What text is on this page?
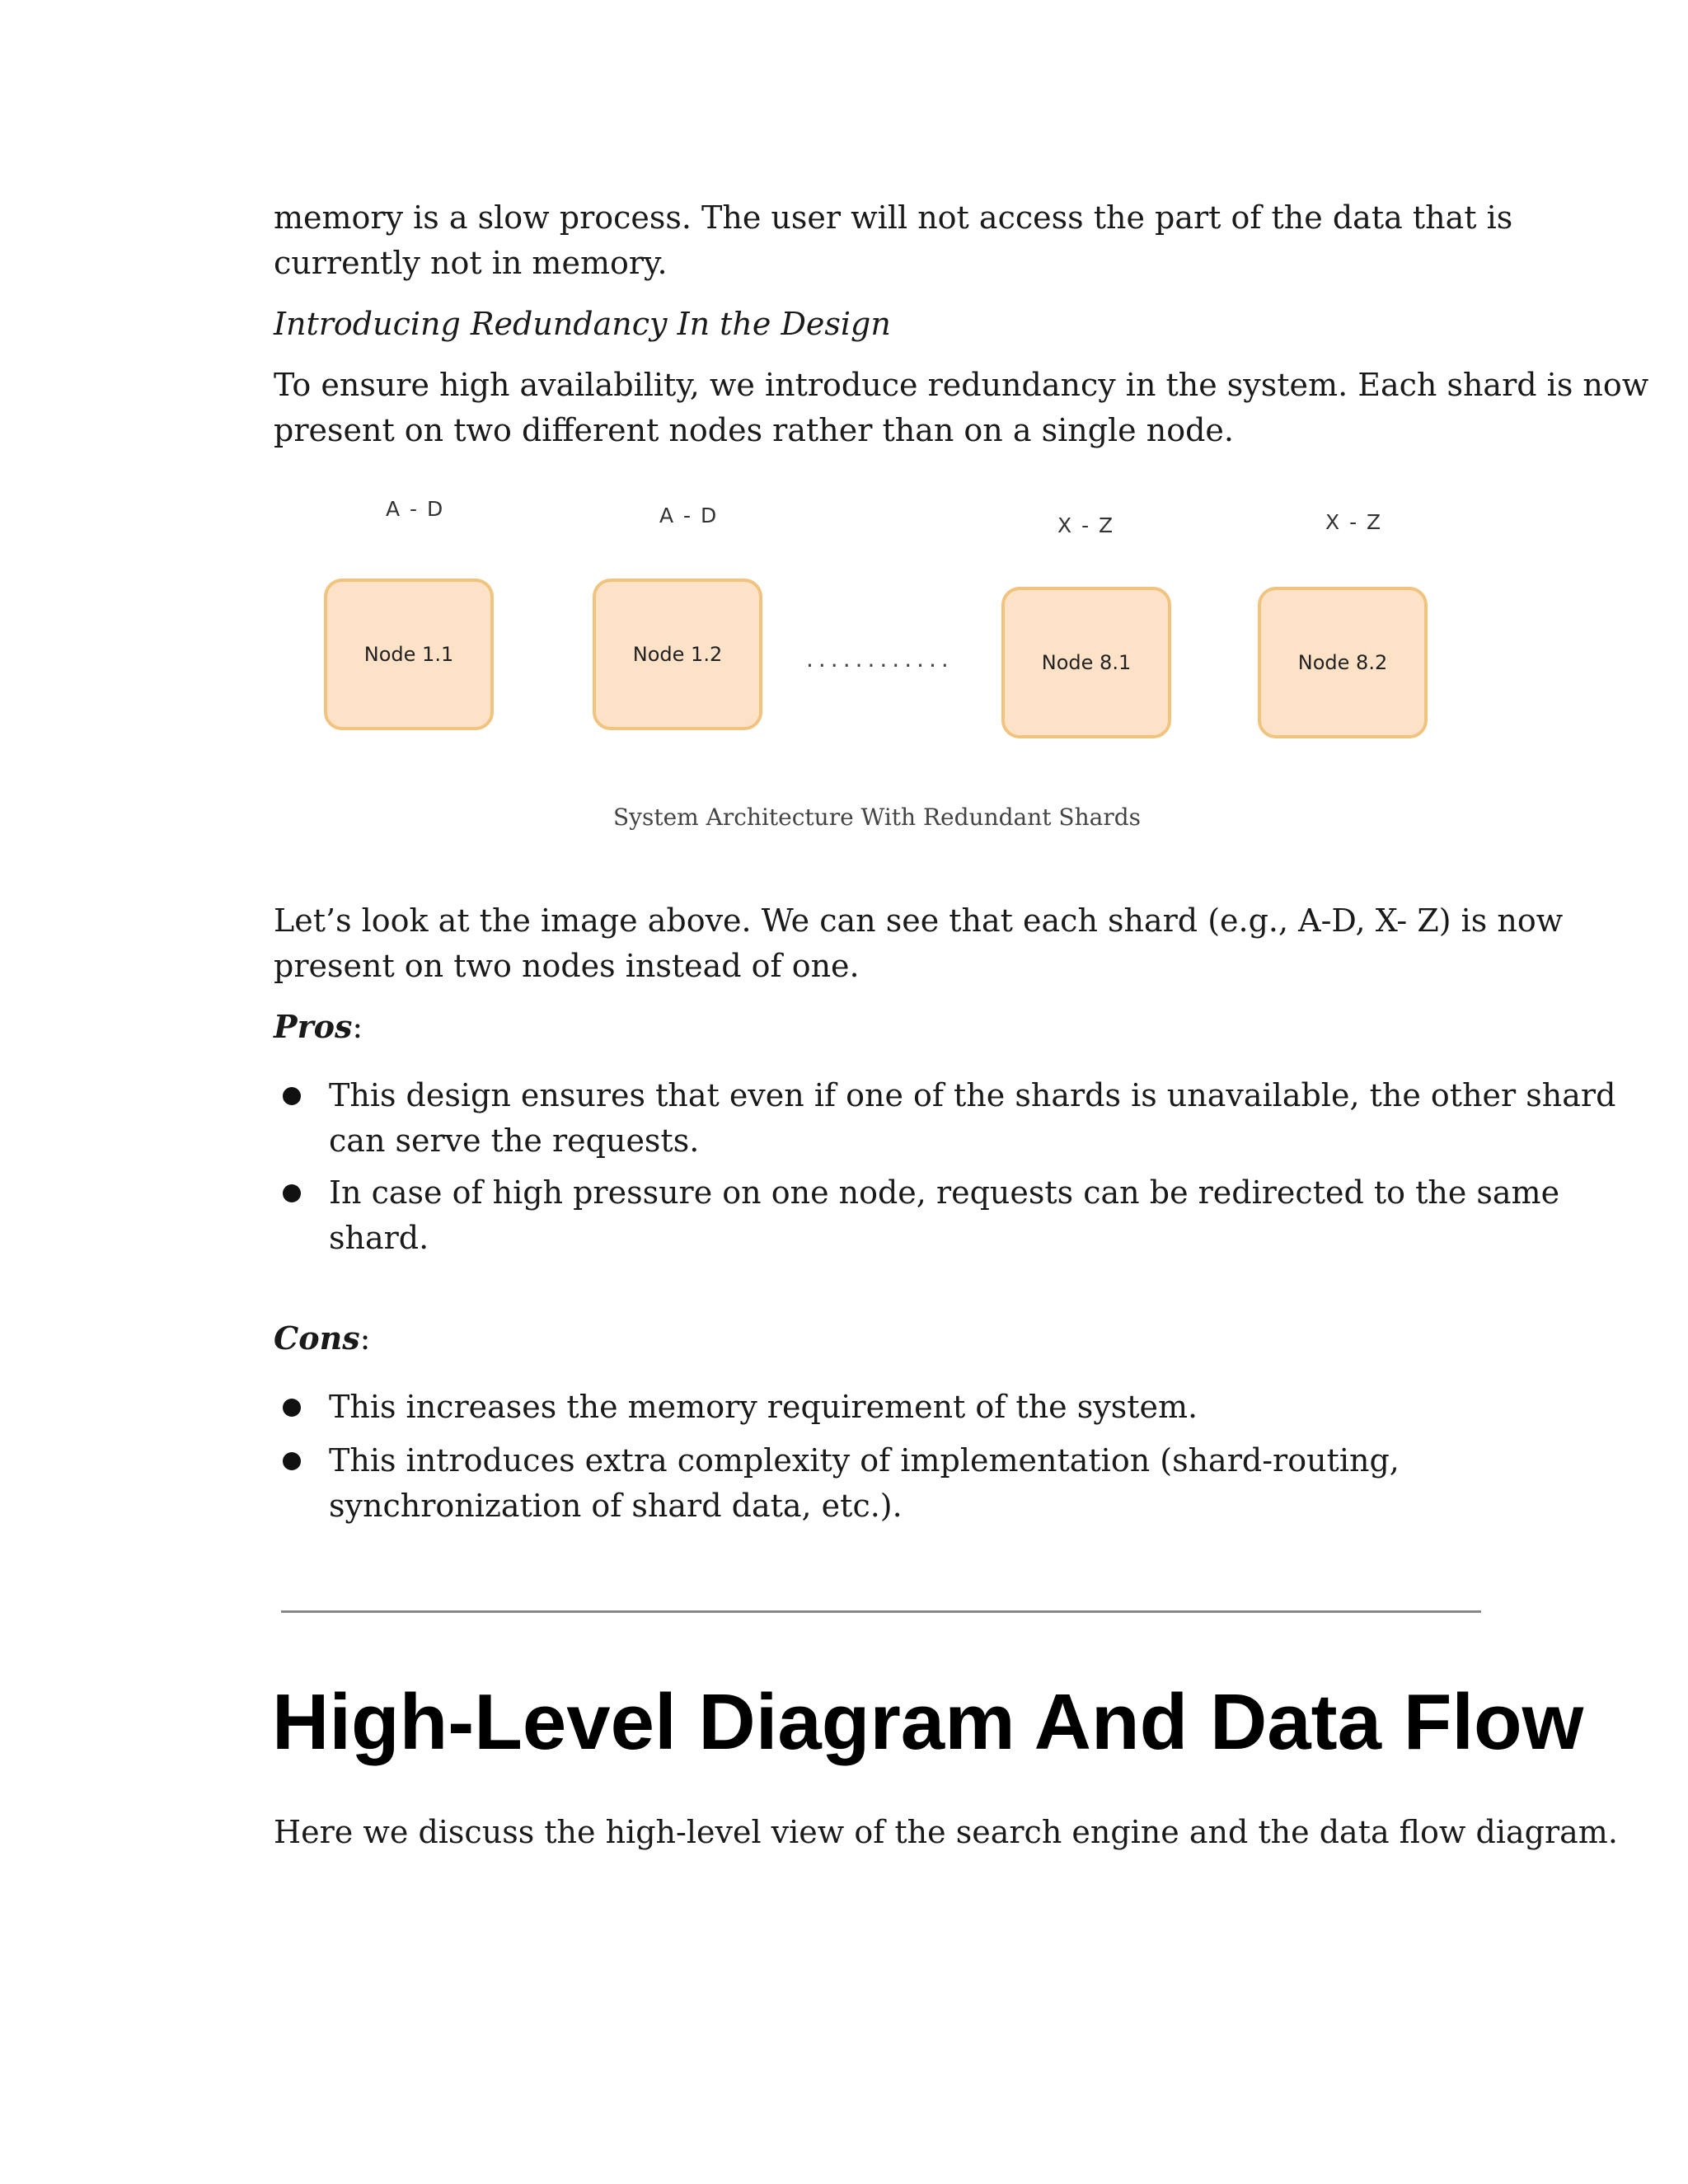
memory is a slow process. The user will not access the part of the data that is

currently not in memory.

Introducing Redundancy In the Design

To ensure high availability, we introduce redundancy in the system. Each shard is now

present on two different nodes rather than on a single node.

A - D	A - D	X - Z	X - Z
Node 1.1	Node 1.2	............	Node 8.1	Node 8.2
System Architecture With Redundant Shards

Let’s look at the image above. We can see that each shard (e.g., A-D, X- Z) is now

present on two nodes instead of one.

Pros:

This design ensures that even if one of the shards is unavailable, the other shard
can serve the requests.
In case of high pressure on one node, requests can be redirected to the same
shard.

Cons:

This increases the memory requirement of the system.
This introduces extra complexity of implementation (shard-routing,
synchronization of shard data, etc.).
High-Level Diagram And Data Flow

Here we discuss the high-level view of the search engine and the data flow diagram.
